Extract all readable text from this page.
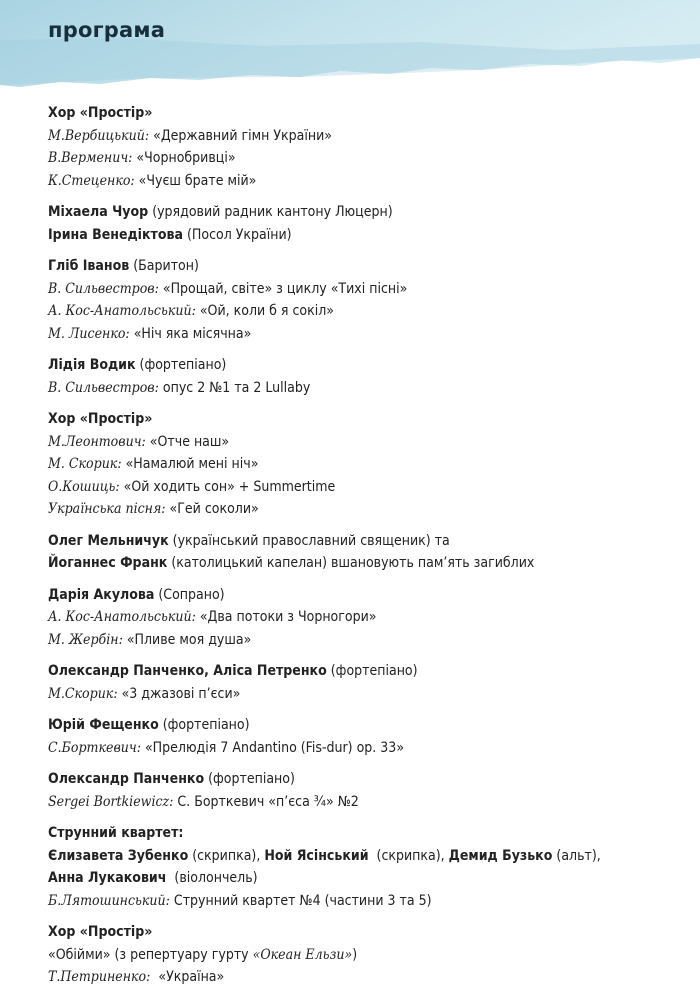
програма
Хор «Простір»
М.Вербицький: «Державний гімн України»
В.Верменич: «Чорнобривці»
К.Стеценко: «Чуєш брате мій»
Міхаела Чуор (урядовий радник кантону Люцерн)
Ірина Венедіктова (Посол України)
Гліб Іванов (Баритон)
В. Сильвестров: «Прощай, світе» з циклу «Тихі пісні»
А. Кос-Анатольський: «Ой, коли б я сокіл»
М. Лисенко: «Ніч яка місячна»
Лідія Водик (фортепіано)
В. Сильвестров: опус 2 №1 та 2 Lullaby
Хор «Простір»
М.Леонтович: «Отче наш»
М. Скорик: «Намалюй мені ніч»
О.Кошиць: «Ой ходить сон» + Summertime
Українська пісня: «Гей соколи»
Олег Мельничук (український православний священик) та
Йоганнес Франк (католицький капелан) вшановують пам’ять загиблих
Дарія Акулова (Сопрано)
А. Кос-Анатольський: «Два потоки з Чорногори»
М. Жербін: «Пливе моя душа»
Олександр Панченко, Аліса Петренко (фортепіано)
М.Скорик: «3 джазові п’єси»
Юрій Фещенко (фортепіано)
С.Борткевич: «Прелюдія 7 Andantino (Fis-dur) op. 33»
Олександр Панченко (фортепіано)
Sergei Bortkiewicz: С. Борткевич «п’єса ¾» №2
Струнний квартет:
Єлизавета Зубенко (скрипка), Ной Ясінський (скрипка), Демид Бузько (альт),
Анна Лукакович (віолончель)
Б.Лятошинський: Струнний квартет №4 (частини 3 та 5)
Хор «Простір»
«Обійми» (з репертуару гурту «Океан Ельзи»)
Т.Петриненко: «Україна»
